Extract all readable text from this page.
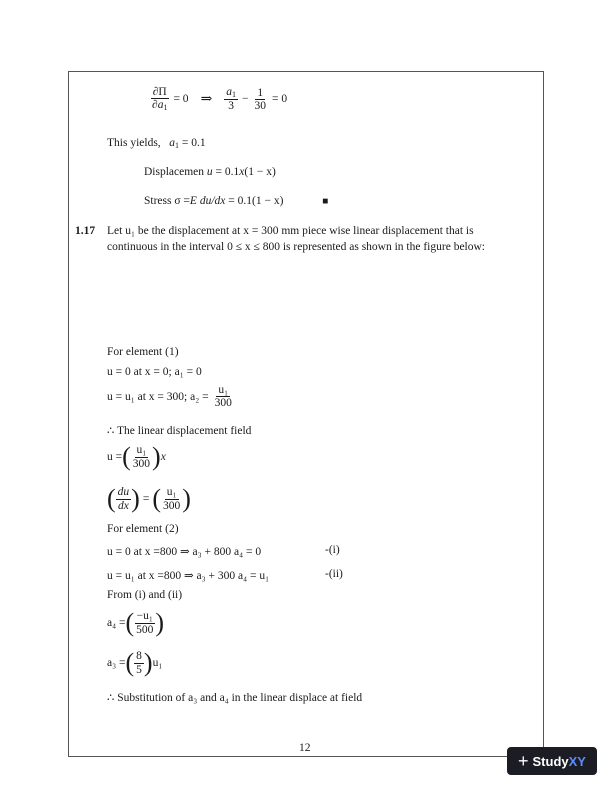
$\frac{\partial\Pi}{\partial a_1} = 0$ ⇒ $\frac{a_1}{3} - \frac{1}{30} = 0$
This yields, $a_1 = 0.1$
Displacemen u = 0.1x(1 − x)
Stress σ =E du/dx = 0.1(1 − x)	■
1.17 Let u₁ be the displacement at x = 300 mm piece wise linear displacement that is
continuous in the interval 0 ≤ x ≤ 800 is represented as shown in the figure below:
For element (1)
u = 0 at x = 0; a₁ = 0
u = u₁ at x = 300; $a_2 = \frac{\text{u₁}}{300}$
∴ The linear displacement field
u = ( $\frac{\text{u₁}}{300}$ ) x
( $\frac{du}{dx}$ ) = ( $\frac{\text{u₁}}{300}$ )
For element (2)
u = 0 at x =800 ⇒ a₃ + 800 a₄ = 0	-(i)
u = u₁ at x =800 ⇒ a₃ + 300 a₄ = u₁	-(ii)
From (i) and (ii)
a₄ = ( $\frac{\text{−u₁}}{500}$ )
a₃ = ( $\frac{8}{5}$ ) u₁
∴ Substitution of a₃ and a₄ in the linear displace at field
12
+ Study XY
